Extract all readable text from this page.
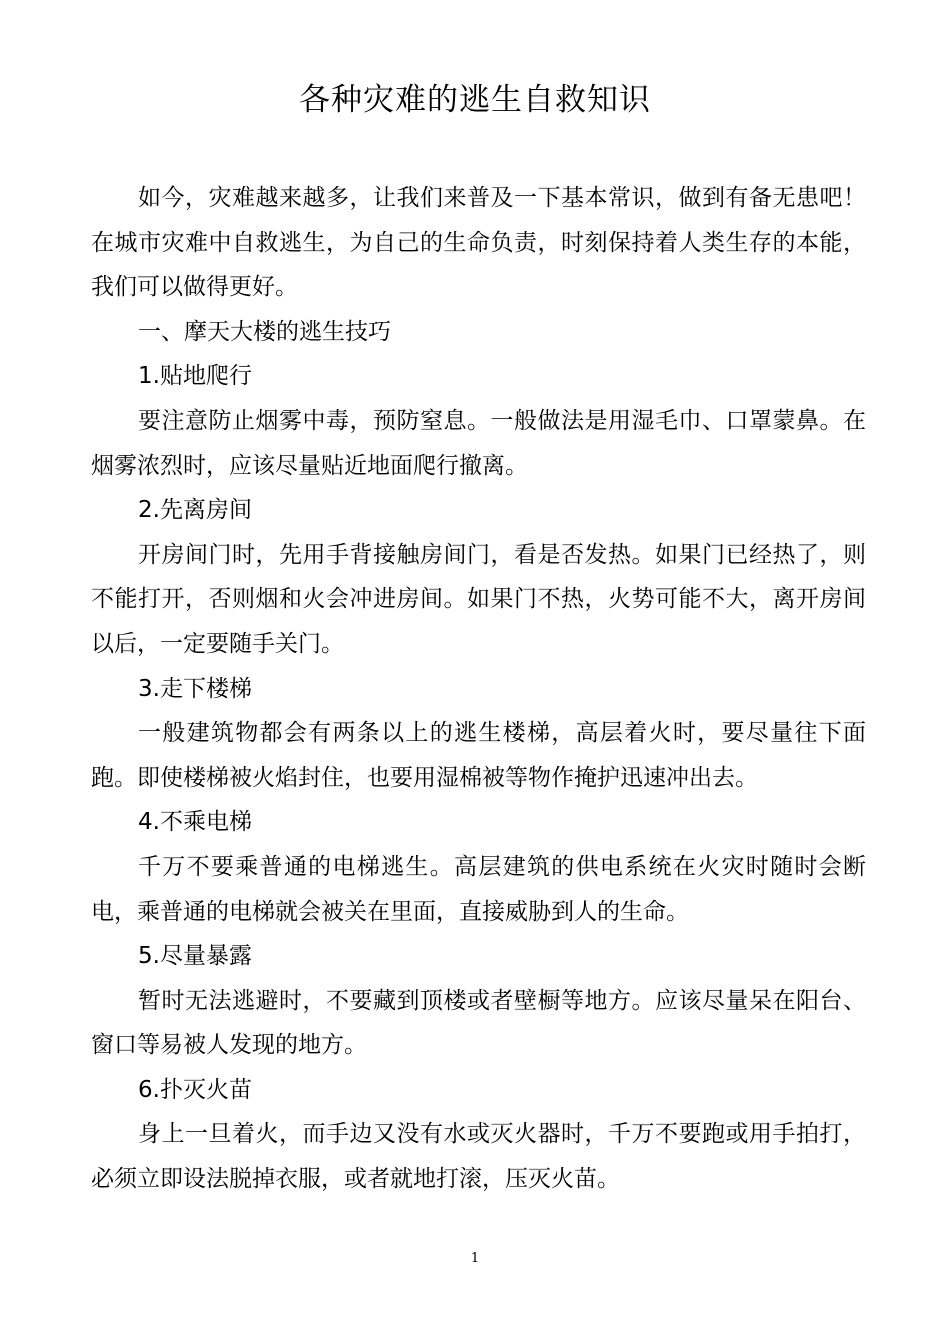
各种灾难的逃生自救知识

如今，灾难越来越多，让我们来普及一下基本常识，做到有备无患吧！在城市灾难中自救逃生，为自己的生命负责，时刻保持着人类生存的本能，我们可以做得更好。

一、摩天大楼的逃生技巧

1.贴地爬行

要注意防止烟雾中毒，预防窒息。一般做法是用湿毛巾、口罩蒙鼻。在烟雾浓烈时，应该尽量贴近地面爬行撤离。

2.先离房间

开房间门时，先用手背接触房间门，看是否发热。如果门已经热了，则不能打开，否则烟和火会冲进房间。如果门不热，火势可能不大，离开房间以后，一定要随手关门。

3.走下楼梯

一般建筑物都会有两条以上的逃生楼梯，高层着火时，要尽量往下面跑。即使楼梯被火焰封住，也要用湿棉被等物作掩护迅速冲出去。

4.不乘电梯

千万不要乘普通的电梯逃生。高层建筑的供电系统在火灾时随时会断电，乘普通的电梯就会被关在里面，直接威胁到人的生命。

5.尽量暴露

暂时无法逃避时，不要藏到顶楼或者壁橱等地方。应该尽量呆在阳台、窗口等易被人发现的地方。

6.扑灭火苗

身上一旦着火，而手边又没有水或灭火器时，千万不要跑或用手拍打，必须立即设法脱掉衣服，或者就地打滚，压灭火苗。

1
